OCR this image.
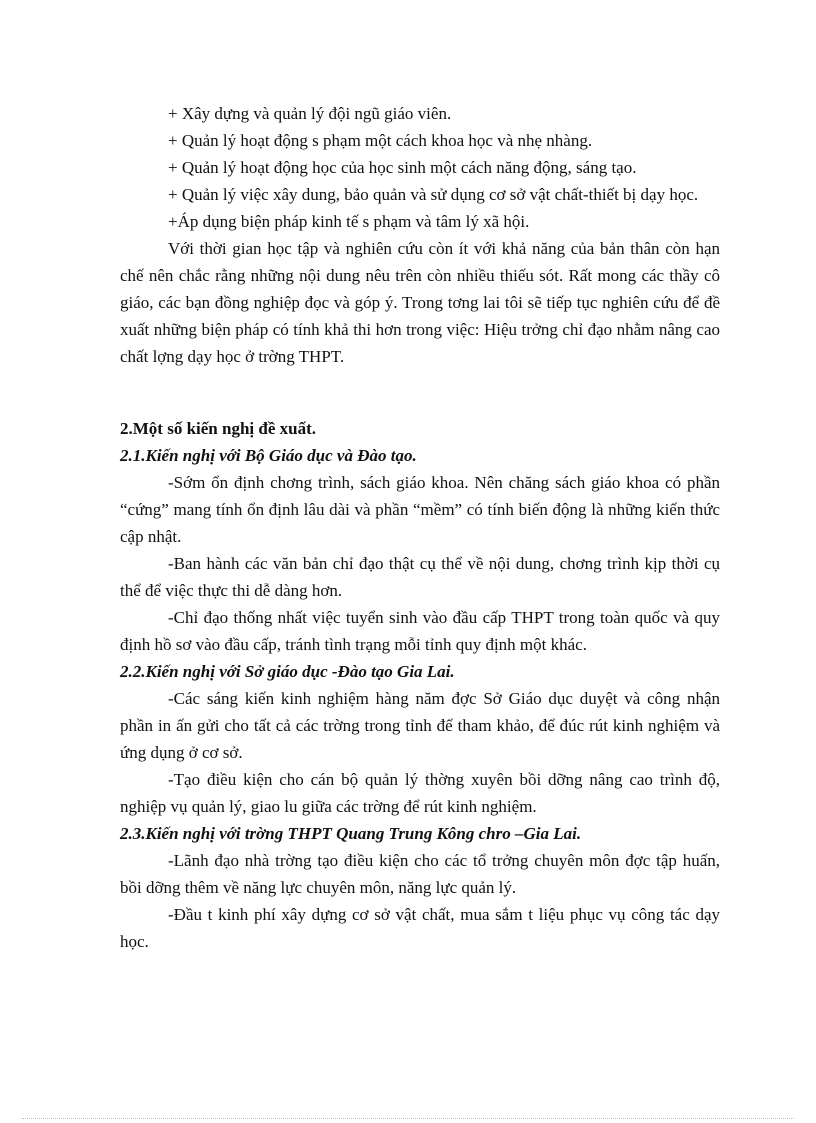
+ Xây dựng và quản lý đội ngũ giáo viên.

+ Quản lý hoạt động s phạm một cách khoa học và nhẹ nhàng.

+ Quản lý hoạt động học của học sinh một cách năng động, sáng tạo.

+ Quản lý việc xây dung, bảo quản và sử dụng cơ sở vật chất-thiết bị dạy học.

+Áp dụng biện pháp kinh tế s phạm và tâm lý xã hội.

Với thời gian học tập và nghiên cứu còn ít với khả năng của bản thân còn hạn chế nên chắc rằng những nội dung nêu trên còn nhiều thiếu sót. Rất mong các thầy cô giáo, các bạn đồng nghiệp đọc và góp ý. Trong tơng lai tôi sẽ tiếp tục nghiên cứu để đề xuất những biện pháp có tính khả thi hơn trong việc: Hiệu trởng chỉ đạo nhằm nâng cao chất lợng dạy học ở trờng THPT.

2.Một số kiến nghị đề xuất.

2.1.Kiến nghị với Bộ Giáo dục và Đào tạo.

-Sớm ổn định chơng trình, sách giáo khoa. Nên chăng sách giáo khoa có phần “cứng” mang tính ổn định lâu dài và phần “mềm” có tính biến động là những kiến thức cập nhật.

-Ban hành các văn bản chỉ đạo thật cụ thể về nội dung, chơng trình kịp thời cụ thể để việc thực thi dễ dàng hơn.

-Chỉ đạo thống nhất việc tuyển sinh vào đầu cấp THPT trong toàn quốc và quy định hồ sơ vào đầu cấp, tránh tình trạng mỗi tỉnh quy định một khác.

2.2.Kiến nghị với Sở giáo dục -Đào tạo Gia Lai.

-Các sáng kiến kinh nghiệm hàng năm đợc Sở Giáo dục duyệt và công nhận phần in ấn gửi cho tất cả các trờng trong tỉnh để tham khảo, để đúc rút kinh nghiệm và ứng dụng ở cơ sở.

-Tạo điều kiện cho cán bộ quản lý thờng xuyên bồi dỡng nâng cao trình độ, nghiệp vụ quản lý, giao lu giữa các trờng để rút kinh nghiệm.

2.3.Kiến nghị với trờng THPT Quang Trung Kông chro –Gia Lai.

-Lãnh đạo nhà trờng tạo điều kiện cho các tổ trởng chuyên môn đợc tập huấn, bồi dỡng thêm về năng lực chuyên môn, năng lực quản lý.

-Đầu t kinh phí xây dựng cơ sở vật chất, mua sắm t liệu phục vụ công tác dạy học.
